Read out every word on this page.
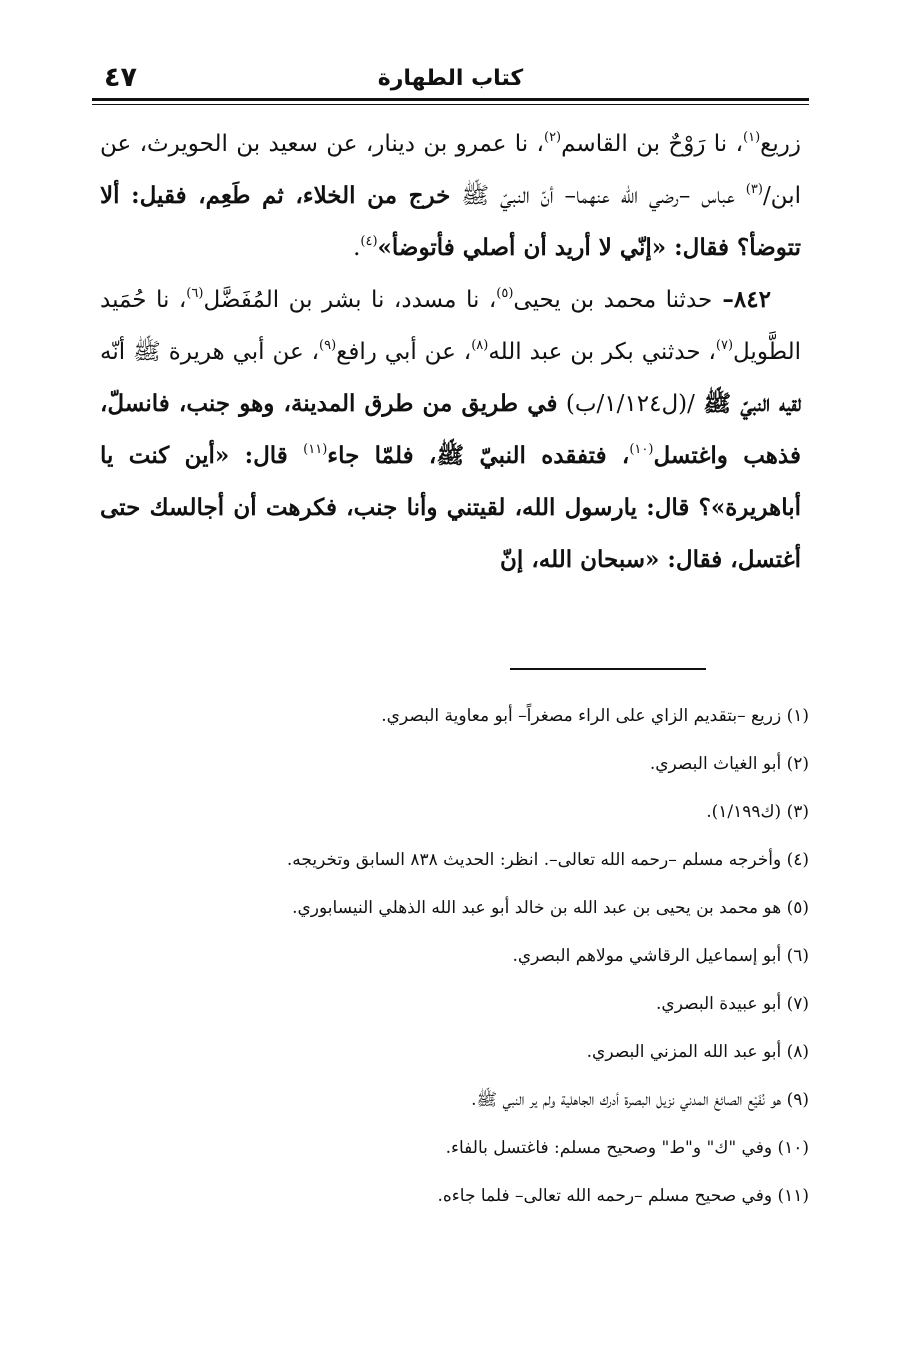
كتاب الطهارة
٤٧

زريع$^{(١)}$، نا رَوْحٌ بن القاسم$^{(٢)}$، نا عمرو بن دينار، عن سعيد بن الحويرث، عن ابن/$^{(٣)}$ عباس –رضي الله عنهما– أنّ النبيّ ﷺ خرج من الخلاء، ثم طَعِم، فقيل: ألا تتوضأ؟ فقال: «إنّي لا أريد أن أصلي فأتوضأ»$^{(٤)}$.

٨٤٢– حدثنا محمد بن يحيى$^{(٥)}$، نا مسدد، نا بشر بن المُفَضَّل$^{(٦)}$، نا حُمَيد الطَّويل$^{(٧)}$، حدثني بكر بن عبد الله$^{(٨)}$، عن أبي رافع$^{(٩)}$، عن أبي هريرة ﷺ أنّه لقيه النبيّ ﷺ /(ل١/١٢٤/ب) في طريق من طرق المدينة، وهو جنب، فانسلّ، فذهب واغتسل$^{(١٠)}$، فتفقده النبيّ ﷺ، فلمّا جاء$^{(١١)}$ قال: «أين كنت يا أباهريرة»؟ قال: يارسول الله، لقيتني وأنا جنب، فكرهت أن أجالسك حتى أغتسل، فقال: «سبحان الله، إنّ

(١) زريع –بتقديم الزاي على الراء مصغراً– أبو معاوية البصري.
(٢) أبو الغياث البصري.
(٣) (ك١/١٩٩).
(٤) وأخرجه مسلم –رحمه الله تعالى–. انظر: الحديث ٨٣٨ السابق وتخريجه.
(٥) هو محمد بن يحيى بن عبد الله بن خالد أبو عبد الله الذهلي النيسابوري.
(٦) أبو إسماعيل الرقاشي مولاهم البصري.
(٧) أبو عبيدة البصري.
(٨) أبو عبد الله المزني البصري.
(٩) هو نُفَيْع الصائغ المدني نزيل البصرة أدرك الجاهلية ولم ير النبي ﷺ.
(١٠) وفي "ك" و"ط" وصحيح مسلم: فاغتسل بالفاء.
(١١) وفي صحيح مسلم –رحمه الله تعالى– فلما جاءه.
